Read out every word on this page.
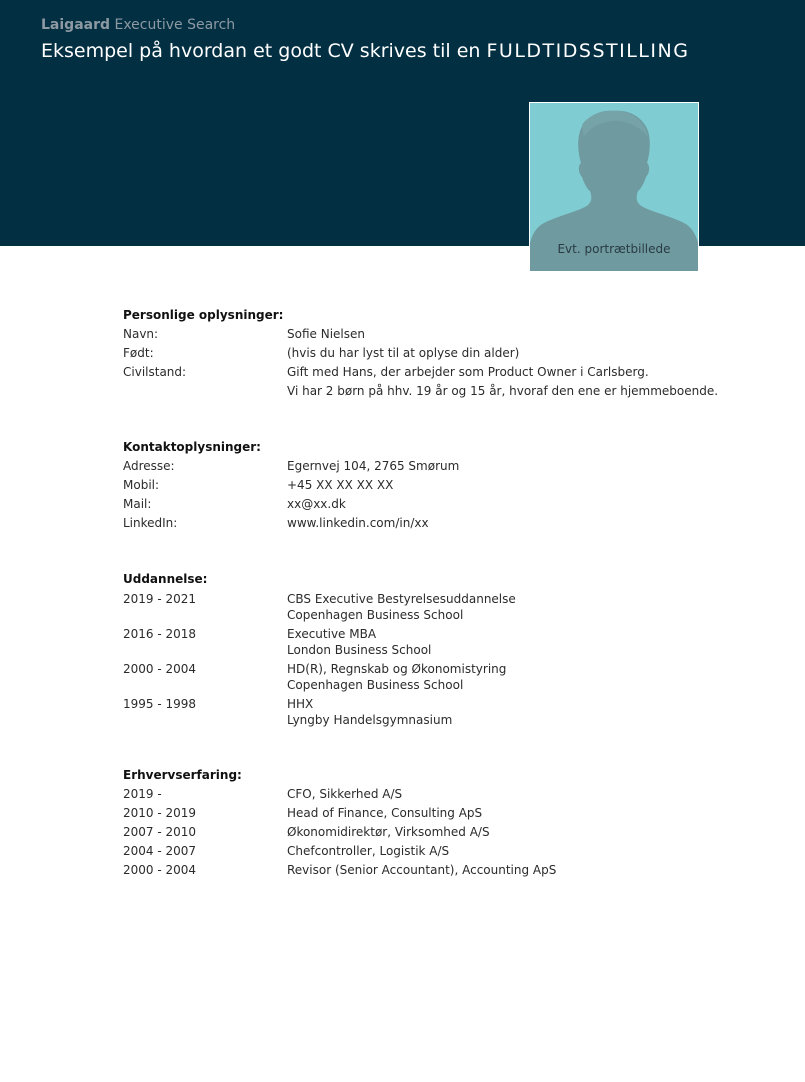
Laigaard Executive Search
Eksempel på hvordan et godt CV skrives til en FULDTIDSSTILLING
Evt. portrætbillede
Personlige oplysninger:
Navn:	Sofie Nielsen
Født:	(hvis du har lyst til at oplyse din alder)
Civilstand:	Gift med Hans, der arbejder som Product Owner i Carlsberg.
Vi har 2 børn på hhv. 19 år og 15 år, hvoraf den ene er hjemmeboende.
Kontaktoplysninger:
Adresse:	Egernvej 104, 2765 Smørum
Mobil:	+45 XX XX XX XX
Mail:	xx@xx.dk
LinkedIn:	www.linkedin.com/in/xx
Uddannelse:
2019 - 2021	CBS Executive Bestyrelsesuddannelse
Copenhagen Business School
2016 - 2018	Executive MBA
London Business School
2000 - 2004	HD(R), Regnskab og Økonomistyring
Copenhagen Business School
1995 - 1998	HHX
Lyngby Handelsgymnasium
Erhvervserfaring:
2019 -	CFO, Sikkerhed A/S
2010 - 2019	Head of Finance, Consulting ApS
2007 - 2010	Økonomidirektør, Virksomhed A/S
2004 - 2007	Chefcontroller, Logistik A/S
2000 - 2004	Revisor (Senior Accountant), Accounting ApS
